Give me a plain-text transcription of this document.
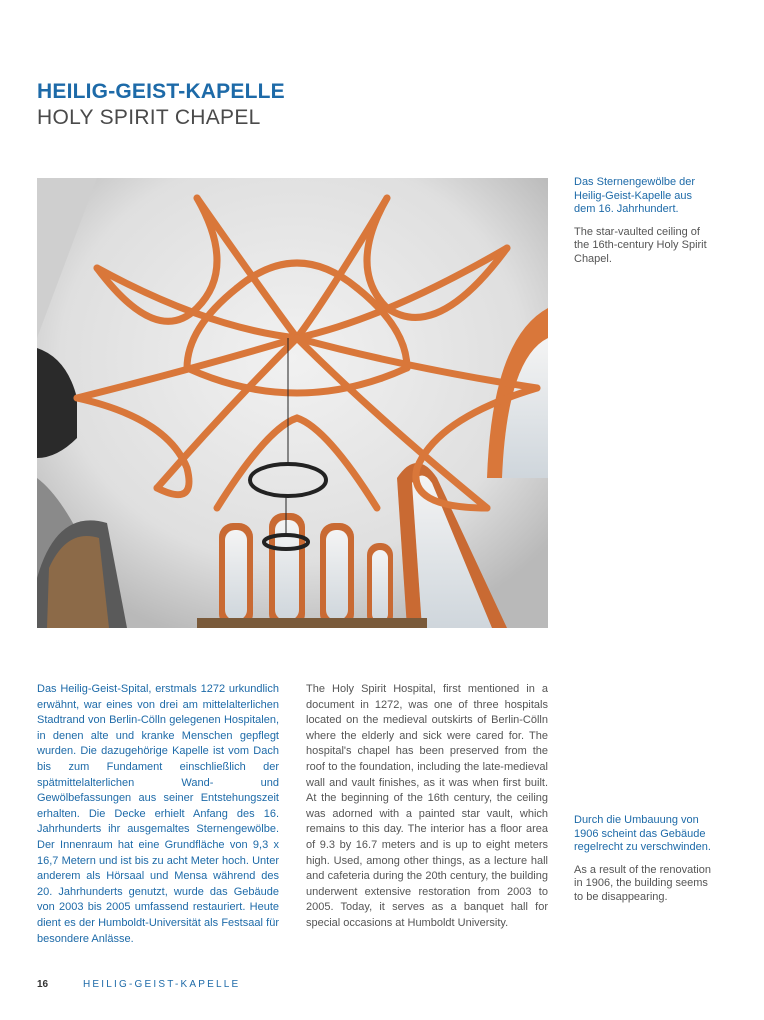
HEILIG-GEIST-KAPELLE
HOLY SPIRIT CHAPEL

Das Sternengewölbe der Heilig-Geist-Kapelle aus dem 16. Jahrhundert.

The star-vaulted ceiling of the 16th-century Holy Spirit Chapel.

Das Heilig-Geist-Spital, erstmals 1272 urkundlich erwähnt, war eines von drei am mittelalterlichen Stadtrand von Berlin-Cölln gelegenen Hospitalen, in denen alte und kranke Menschen gepflegt wurden. Die dazugehörige Kapelle ist vom Dach bis zum Fundament einschließlich der spätmittelalterlichen Wand- und Gewölbefassungen aus seiner Entstehungszeit erhalten. Die Decke erhielt Anfang des 16. Jahrhunderts ihr ausgemaltes Sternengewölbe. Der Innenraum hat eine Grundfläche von 9,3 x 16,7 Metern und ist bis zu acht Meter hoch. Unter anderem als Hörsaal und Mensa während des 20. Jahrhunderts genutzt, wurde das Gebäude von 2003 bis 2005 umfassend restauriert. Heute dient es der Humboldt-Universität als Festsaal für besondere Anlässe.

The Holy Spirit Hospital, first mentioned in a document in 1272, was one of three hospitals located on the medieval outskirts of Berlin-Cölln where the elderly and sick were cared for. The hospital's chapel has been preserved from the roof to the foundation, including the late-medieval wall and vault finishes, as it was when first built. At the beginning of the 16th century, the ceiling was adorned with a painted star vault, which remains to this day. The interior has a floor area of 9.3 by 16.7 meters and is up to eight meters high. Used, among other things, as a lecture hall and cafeteria during the 20th century, the building underwent extensive restoration from 2003 to 2005. Today, it serves as a banquet hall for special occasions at Humboldt University.

Durch die Umbauung von 1906 scheint das Gebäude regelrecht zu verschwinden.

As a result of the renovation in 1906, the building seems to be disappearing.

16	HEILIG-GEIST-KAPELLE
